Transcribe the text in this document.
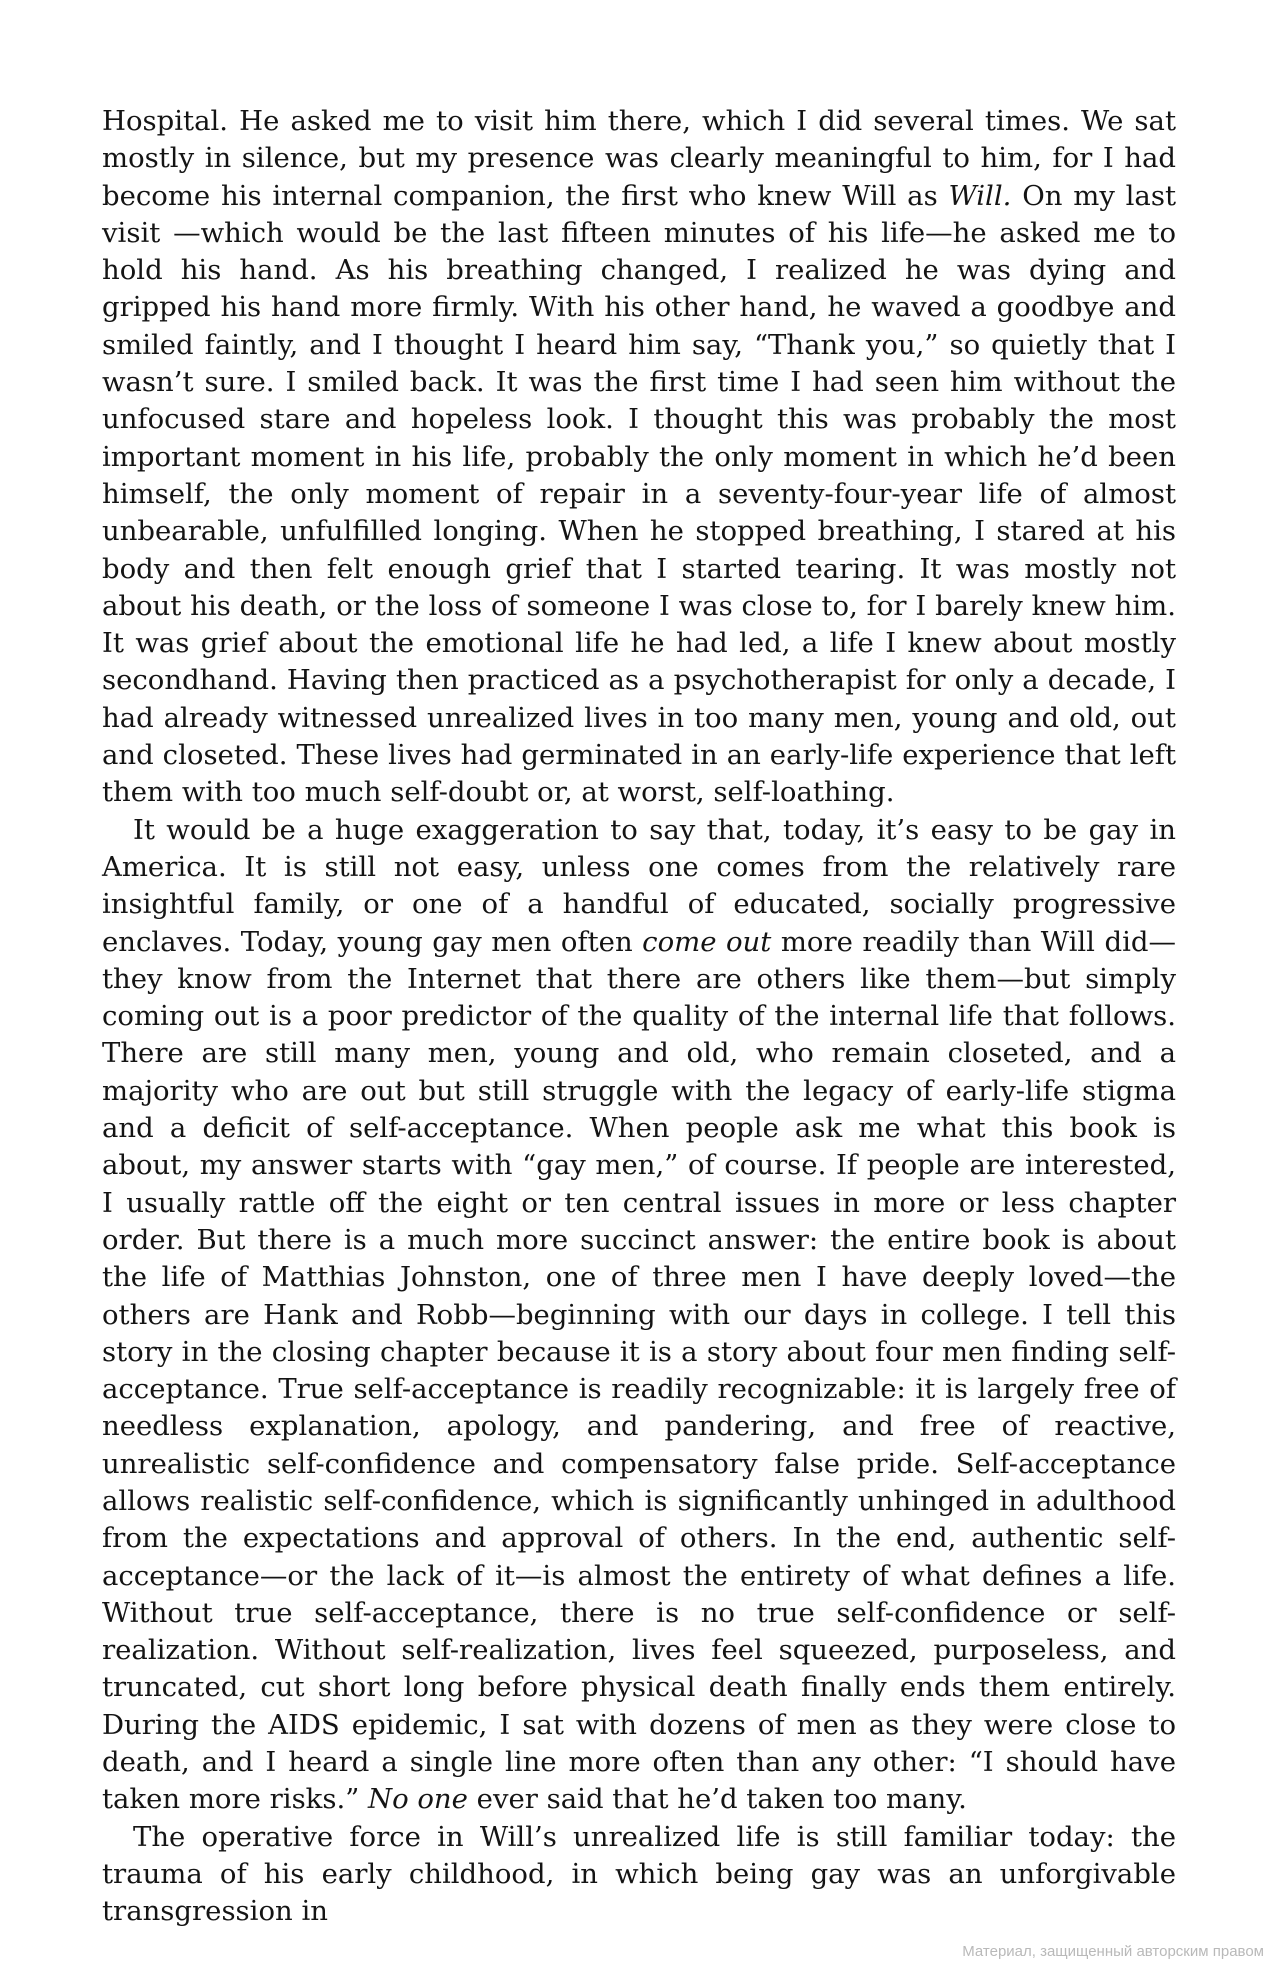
Hospital. He asked me to visit him there, which I did several times. We sat mostly in silence, but my presence was clearly meaningful to him, for I had become his internal companion, the first who knew Will as Will. On my last visit —which would be the last fifteen minutes of his life—he asked me to hold his hand. As his breathing changed, I realized he was dying and gripped his hand more firmly. With his other hand, he waved a goodbye and smiled faintly, and I thought I heard him say, “Thank you,” so quietly that I wasn’t sure. I smiled back. It was the first time I had seen him without the unfocused stare and hopeless look. I thought this was probably the most important moment in his life, probably the only moment in which he’d been himself, the only moment of repair in a seventy-four-year life of almost unbearable, unfulfilled longing. When he stopped breathing, I stared at his body and then felt enough grief that I started tearing. It was mostly not about his death, or the loss of someone I was close to, for I barely knew him. It was grief about the emotional life he had led, a life I knew about mostly secondhand. Having then practiced as a psychotherapist for only a decade, I had already witnessed unrealized lives in too many men, young and old, out and closeted. These lives had germinated in an early-life experience that left them with too much self-doubt or, at worst, self-loathing.

It would be a huge exaggeration to say that, today, it’s easy to be gay in America. It is still not easy, unless one comes from the relatively rare insightful family, or one of a handful of educated, socially progressive enclaves. Today, young gay men often come out more readily than Will did—they know from the Internet that there are others like them—but simply coming out is a poor predictor of the quality of the internal life that follows. There are still many men, young and old, who remain closeted, and a majority who are out but still struggle with the legacy of early-life stigma and a deficit of self-acceptance. When people ask me what this book is about, my answer starts with “gay men,” of course. If people are interested, I usually rattle off the eight or ten central issues in more or less chapter order. But there is a much more succinct answer: the entire book is about the life of Matthias Johnston, one of three men I have deeply loved—the others are Hank and Robb—beginning with our days in college. I tell this story in the closing chapter because it is a story about four men finding self-acceptance. True self-acceptance is readily recognizable: it is largely free of needless explanation, apology, and pandering, and free of reactive, unrealistic self-confidence and compensatory false pride. Self-acceptance allows realistic self-confidence, which is significantly unhinged in adulthood from the expectations and approval of others. In the end, authentic self-acceptance—or the lack of it—is almost the entirety of what defines a life. Without true self-acceptance, there is no true self-confidence or self-realization. Without self-realization, lives feel squeezed, purposeless, and truncated, cut short long before physical death finally ends them entirely. During the AIDS epidemic, I sat with dozens of men as they were close to death, and I heard a single line more often than any other: “I should have taken more risks.” No one ever said that he’d taken too many.

The operative force in Will’s unrealized life is still familiar today: the trauma of his early childhood, in which being gay was an unforgivable transgression in

Материал, защищенный авторским правом
